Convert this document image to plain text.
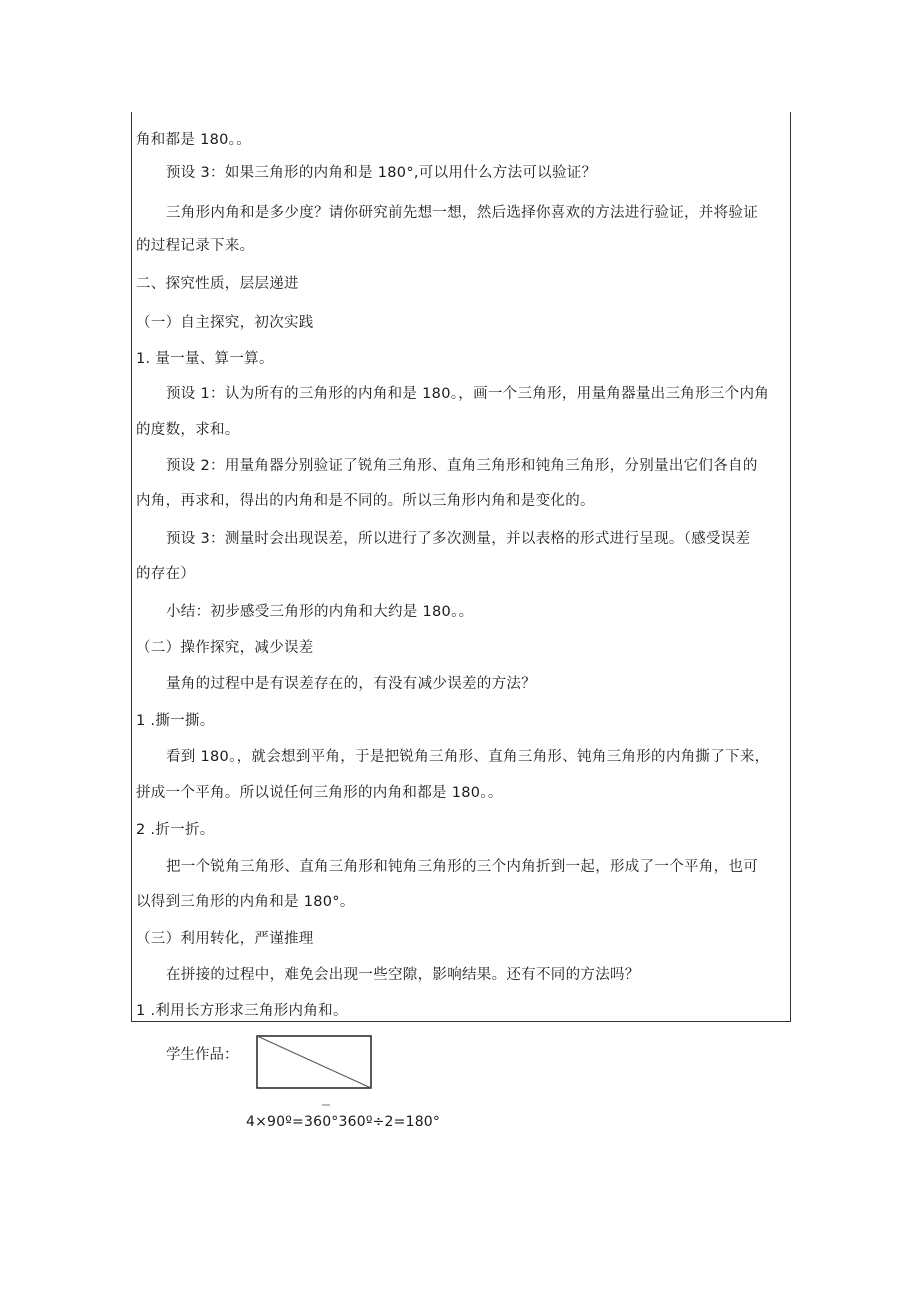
角和都是 180。。
预设 3：如果三角形的内角和是 180°,可以用什么方法可以验证？
三角形内角和是多少度？请你研究前先想一想，然后选择你喜欢的方法进行验证，并将验证
的过程记录下来。
二、探究性质，层层递进
（一）自主探究，初次实践
1. 量一量、算一算。
预设 1：认为所有的三角形的内角和是 180。，画一个三角形，用量角器量出三角形三个内角
的度数，求和。
预设 2：用量角器分别验证了锐角三角形、直角三角形和钝角三角形，分别量出它们各自的
内角，再求和，得出的内角和是不同的。所以三角形内角和是变化的。
预设 3：测量时会出现误差，所以进行了多次测量，并以表格的形式进行呈现。（感受误差
的存在）
小结：初步感受三角形的内角和大约是 180。。
（二）操作探究，减少误差
量角的过程中是有误差存在的，有没有减少误差的方法？
1 .撕一撕。
看到 180。，就会想到平角，于是把锐角三角形、直角三角形、钝角三角形的内角撕了下来，
拼成一个平角。所以说任何三角形的内角和都是 180。。
2 .折一折。
把一个锐角三角形、直角三角形和钝角三角形的三个内角折到一起，形成了一个平角，也可
以得到三角形的内角和是 180°。
（三）利用转化，严谨推理
在拼接的过程中，难免会出现一些空隙，影响结果。还有不同的方法吗？
1 .利用长方形求三角形内角和。
学生作品：
4×90º=360°360º÷2=180°
